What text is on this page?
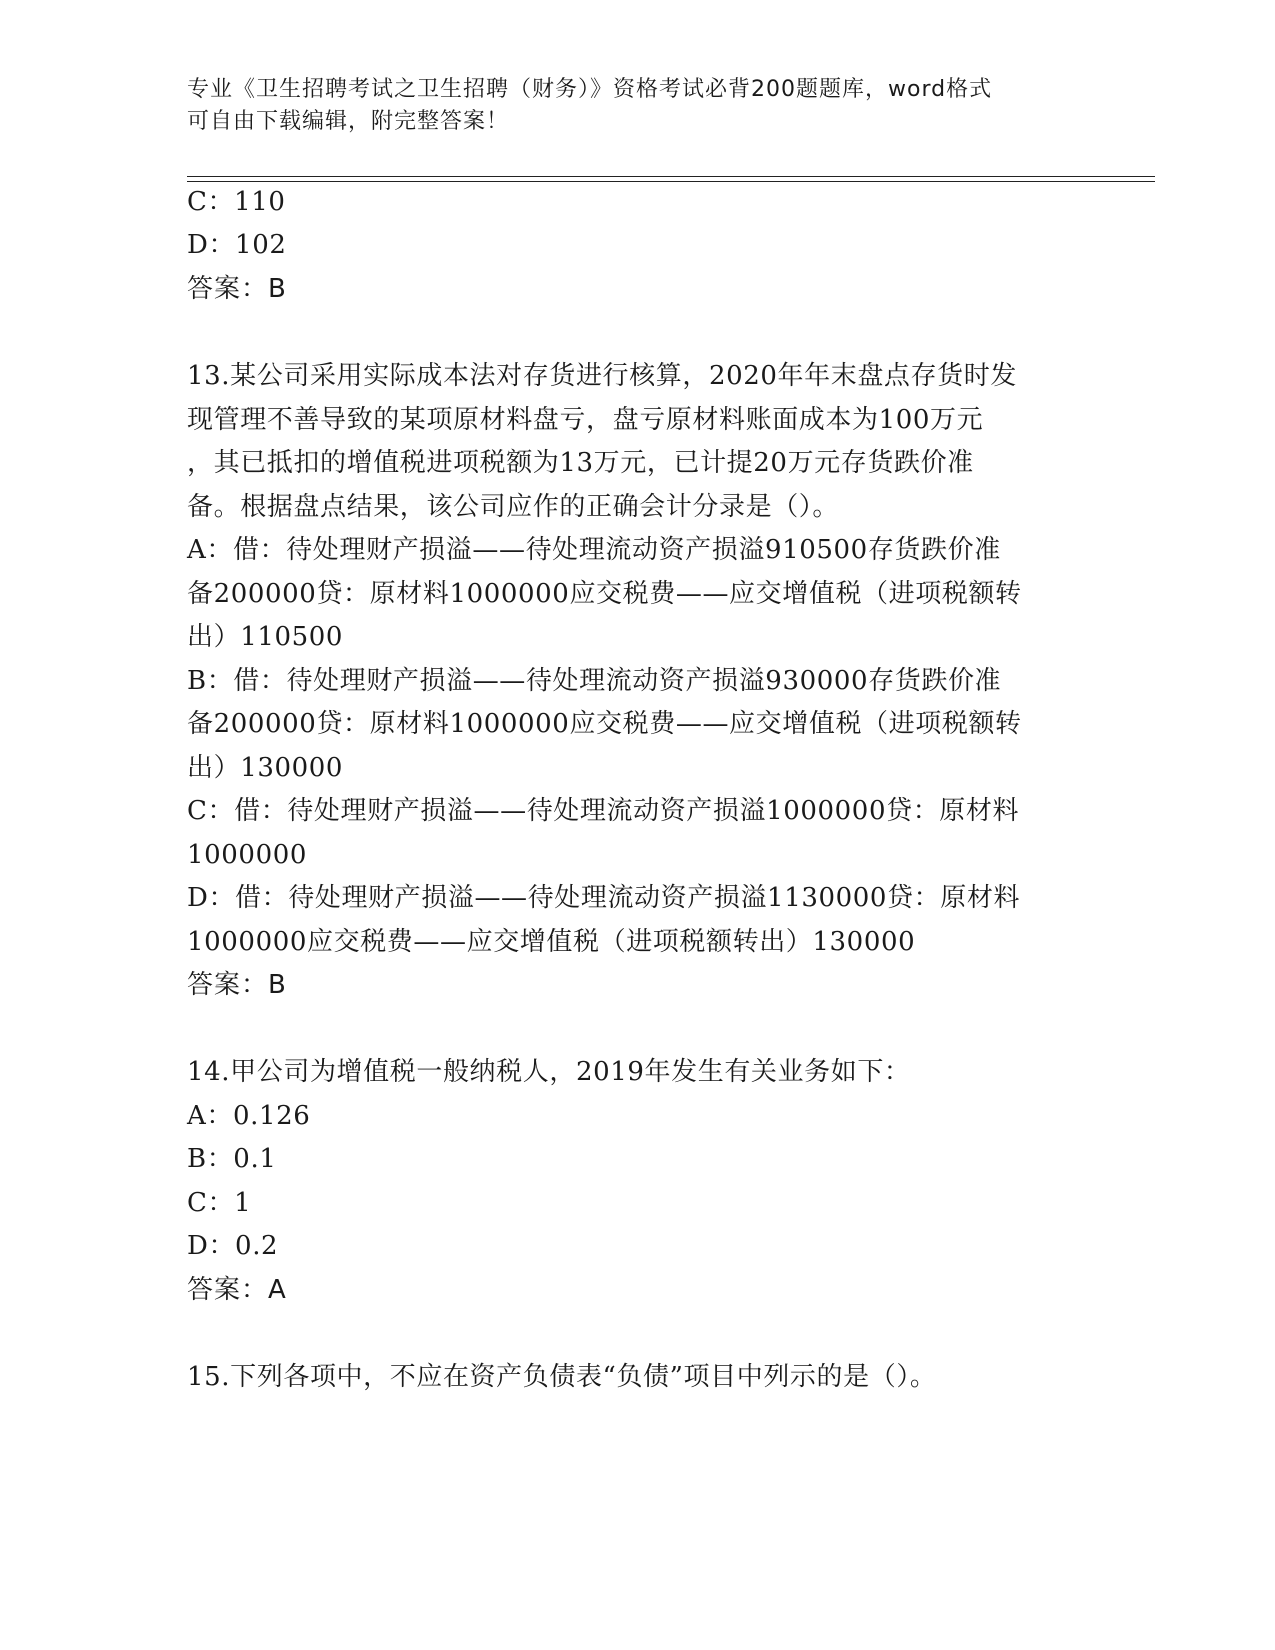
专业《卫生招聘考试之卫生招聘（财务）》资格考试必背200题题库，word格式
可自由下载编辑，附完整答案！
C：110
D：102
答案：B
13.某公司采用实际成本法对存货进行核算，2020年年末盘点存货时发
现管理不善导致的某项原材料盘亏，盘亏原材料账面成本为100万元
，其已抵扣的增值税进项税额为13万元，已计提20万元存货跌价准
备。根据盘点结果，该公司应作的正确会计分录是（）。
A：借：待处理财产损溢——待处理流动资产损溢910500存货跌价准
备200000贷：原材料1000000应交税费——应交增值税（进项税额转
出）110500
B：借：待处理财产损溢——待处理流动资产损溢930000存货跌价准
备200000贷：原材料1000000应交税费——应交增值税（进项税额转
出）130000
C：借：待处理财产损溢——待处理流动资产损溢1000000贷：原材料
1000000
D：借：待处理财产损溢——待处理流动资产损溢1130000贷：原材料
1000000应交税费——应交增值税（进项税额转出）130000
答案：B
14.甲公司为增值税一般纳税人，2019年发生有关业务如下：
A：0.126
B：0.1
C：1
D：0.2
答案：A
15.下列各项中，不应在资产负债表“负债”项目中列示的是（）。
